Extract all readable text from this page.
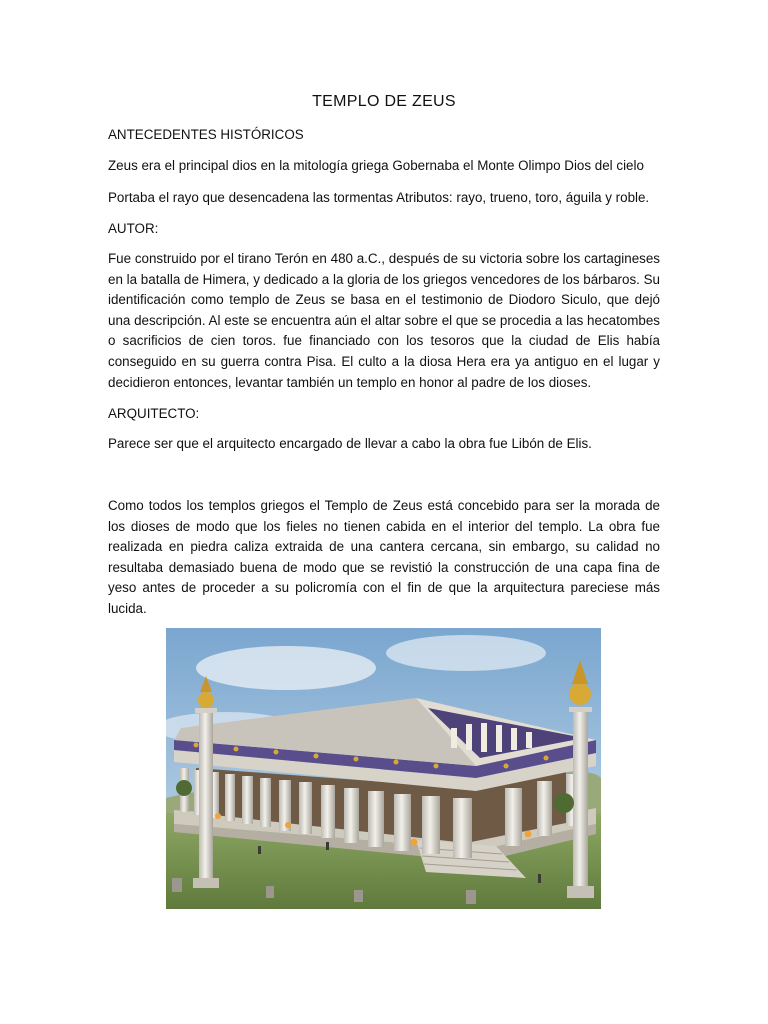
TEMPLO DE ZEUS
ANTECEDENTES HISTÓRICOS
Zeus era el principal dios en la mitología griega Gobernaba el Monte Olimpo Dios del cielo
Portaba el rayo que desencadena las tormentas Atributos: rayo, trueno, toro, águila y roble.
AUTOR:
Fue construido por el tirano Terón en 480 a.C., después de su victoria sobre los cartagineses en la batalla de Himera, y dedicado a la gloria de los griegos vencedores de los bárbaros. Su identificación como templo de Zeus se basa en el testimonio de Diodoro Siculo, que dejó una descripción. Al este se encuentra aún el altar sobre el que se procedia a las hecatombes o sacrificios de cien toros. fue financiado con los tesoros que la ciudad de Elis había conseguido en su guerra contra Pisa. El culto a la diosa Hera era ya antiguo en el lugar y decidieron entonces, levantar también un templo en honor al padre de los dioses.
ARQUITECTO:
Parece ser que el arquitecto encargado de llevar a cabo la obra fue Libón de Elis.
Como todos los templos griegos el Templo de Zeus está concebido para ser la morada de los dioses de modo que los fieles no tienen cabida en el interior del templo. La obra fue realizada en piedra caliza extraida de una cantera cercana, sin embargo, su calidad no resultaba demasiado buena de modo que se revistió la construcción de una capa fina de yeso antes de proceder a su policromía con el fin de que la arquitectura pareciese más lucida.
